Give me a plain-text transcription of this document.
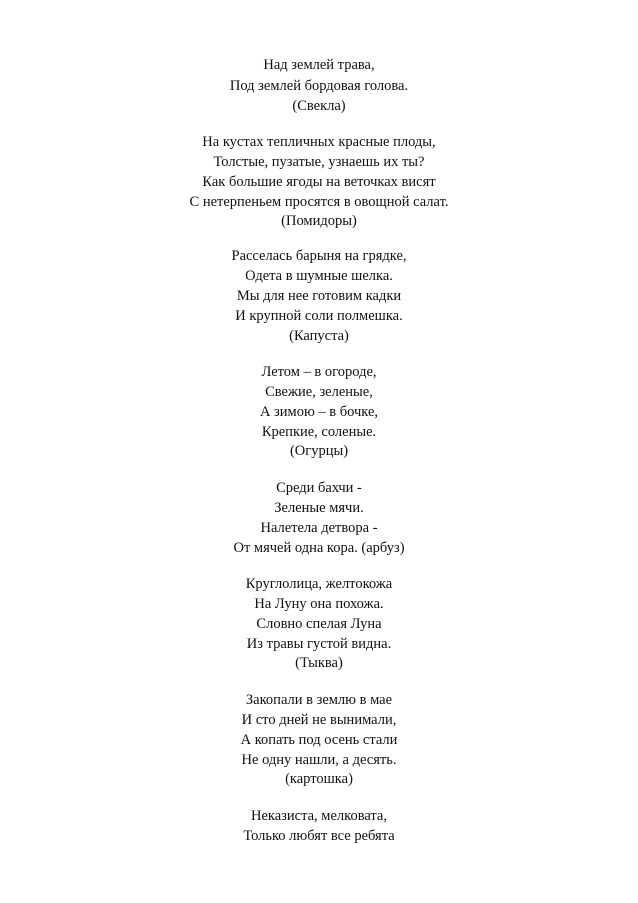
Над землей трава,
Под землей бордовая голова.
(Свекла)
На кустах тепличных красные плоды,
Толстые, пузатые, узнаешь их ты?
Как большие ягоды на веточках висят
С нетерпеньем просятся в овощной салат.
(Помидоры)
Расселась барыня на грядке,
Одета в шумные шелка.
Мы для нее готовим кадки
И крупной соли полмешка.
(Капуста)
Летом – в огороде,
Свежие, зеленые,
А зимою – в бочке,
Крепкие, соленые.
(Огурцы)
Среди бахчи -
Зеленые мячи.
Налетела детвора -
От мячей одна кора. (арбуз)
Круглолица, желтокожа
На Луну она похожа.
Словно спелая Луна
Из травы густой видна.
(Тыква)
Закопали в землю в мае
И сто дней не вынимали,
А копать под осень стали
Не одну нашли, а десять.
(картошка)
Неказиста, мелковата,
Только любят все ребята
